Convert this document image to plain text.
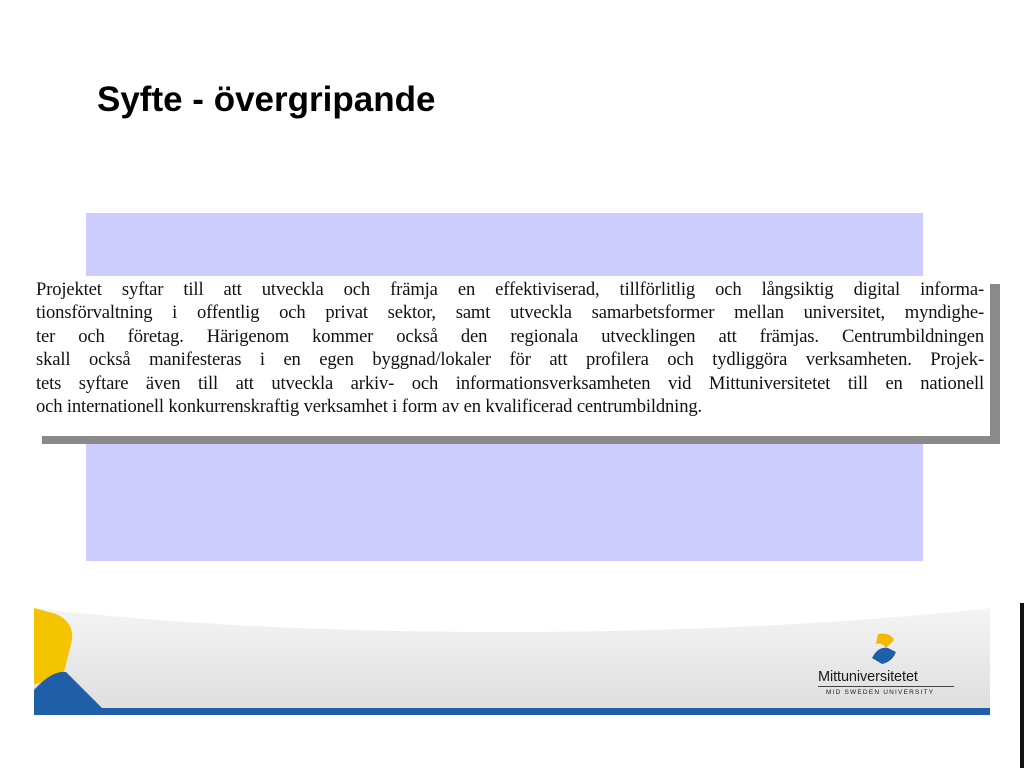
Syfte - övergripande
Projektet syftar till att utveckla och främja en effektiviserad, tillförlitlig och långsiktig digital informa-
tionsförvaltning i offentlig och privat sektor, samt utveckla samarbetsformer mellan universitet, myndighe-
ter och företag. Härigenom kommer också den regionala utvecklingen att främjas. Centrumbildningen
skall också manifesteras i en egen byggnad/lokaler för att profilera och tydliggöra verksamheten. Projek-
tets syftare även till att utveckla arkiv- och informationsverksamheten vid Mittuniversitetet till en nationell
och internationell konkurrenskraftig verksamhet i form av en kvalificerad centrumbildning.
Mittuniversitetet
MID SWEDEN UNIVERSITY
